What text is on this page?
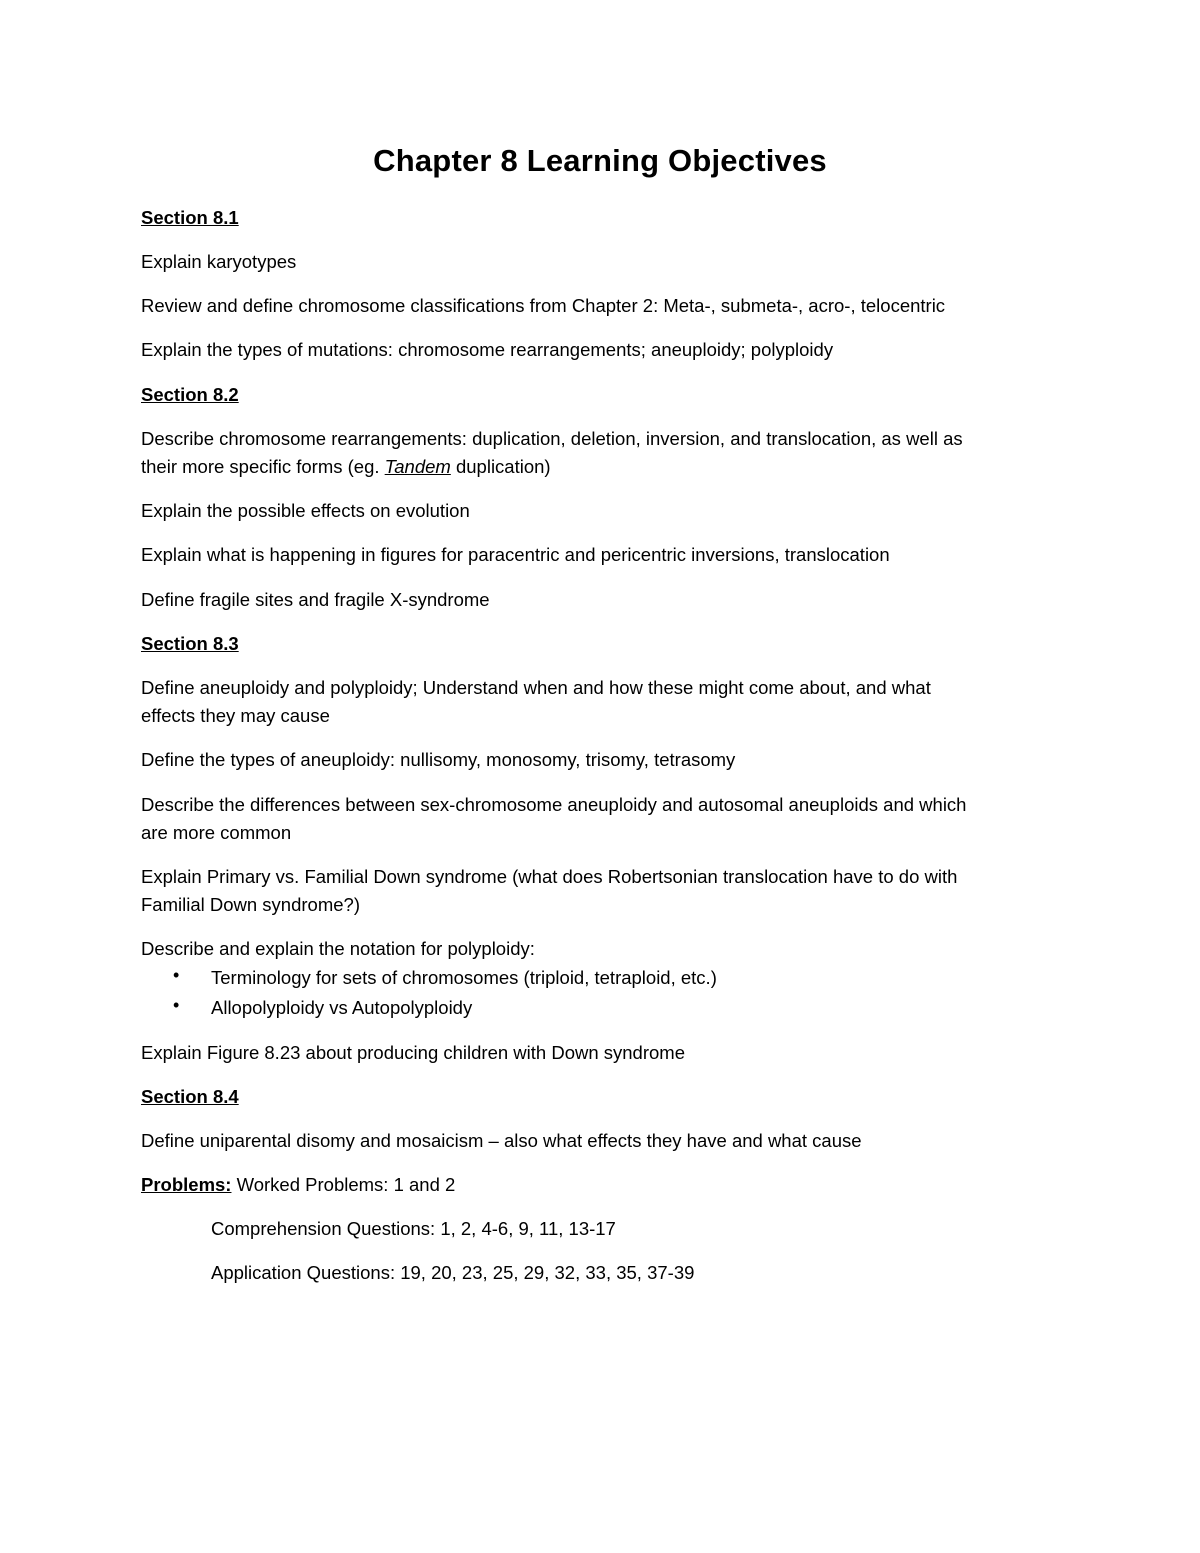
Chapter 8 Learning Objectives
Section 8.1
Explain karyotypes
Review and define chromosome classifications from Chapter 2: Meta-, submeta-, acro-, telocentric
Explain the types of mutations: chromosome rearrangements; aneuploidy; polyploidy
Section 8.2
Describe chromosome rearrangements: duplication, deletion, inversion, and translocation, as well as
their more specific forms (eg. Tandem duplication)
Explain the possible effects on evolution
Explain what is happening in figures for paracentric and pericentric inversions, translocation
Define fragile sites and fragile X-syndrome
Section 8.3
Define aneuploidy and polyploidy; Understand when and how these might come about, and what
effects they may cause
Define the types of aneuploidy: nullisomy, monosomy, trisomy, tetrasomy
Describe the differences between sex-chromosome aneuploidy and autosomal aneuploids and which
are more common
Explain Primary vs. Familial Down syndrome (what does Robertsonian translocation have to do with
Familial Down syndrome?)
Describe and explain the notation for polyploidy:
• Terminology for sets of chromosomes (triploid, tetraploid, etc.)
• Allopolyploidy vs Autopolyploidy
Explain Figure 8.23 about producing children with Down syndrome
Section 8.4
Define uniparental disomy and mosaicism – also what effects they have and what cause
Problems: Worked Problems: 1 and 2
Comprehension Questions: 1, 2, 4-6, 9, 11, 13-17
Application Questions: 19, 20, 23, 25, 29, 32, 33, 35, 37-39
